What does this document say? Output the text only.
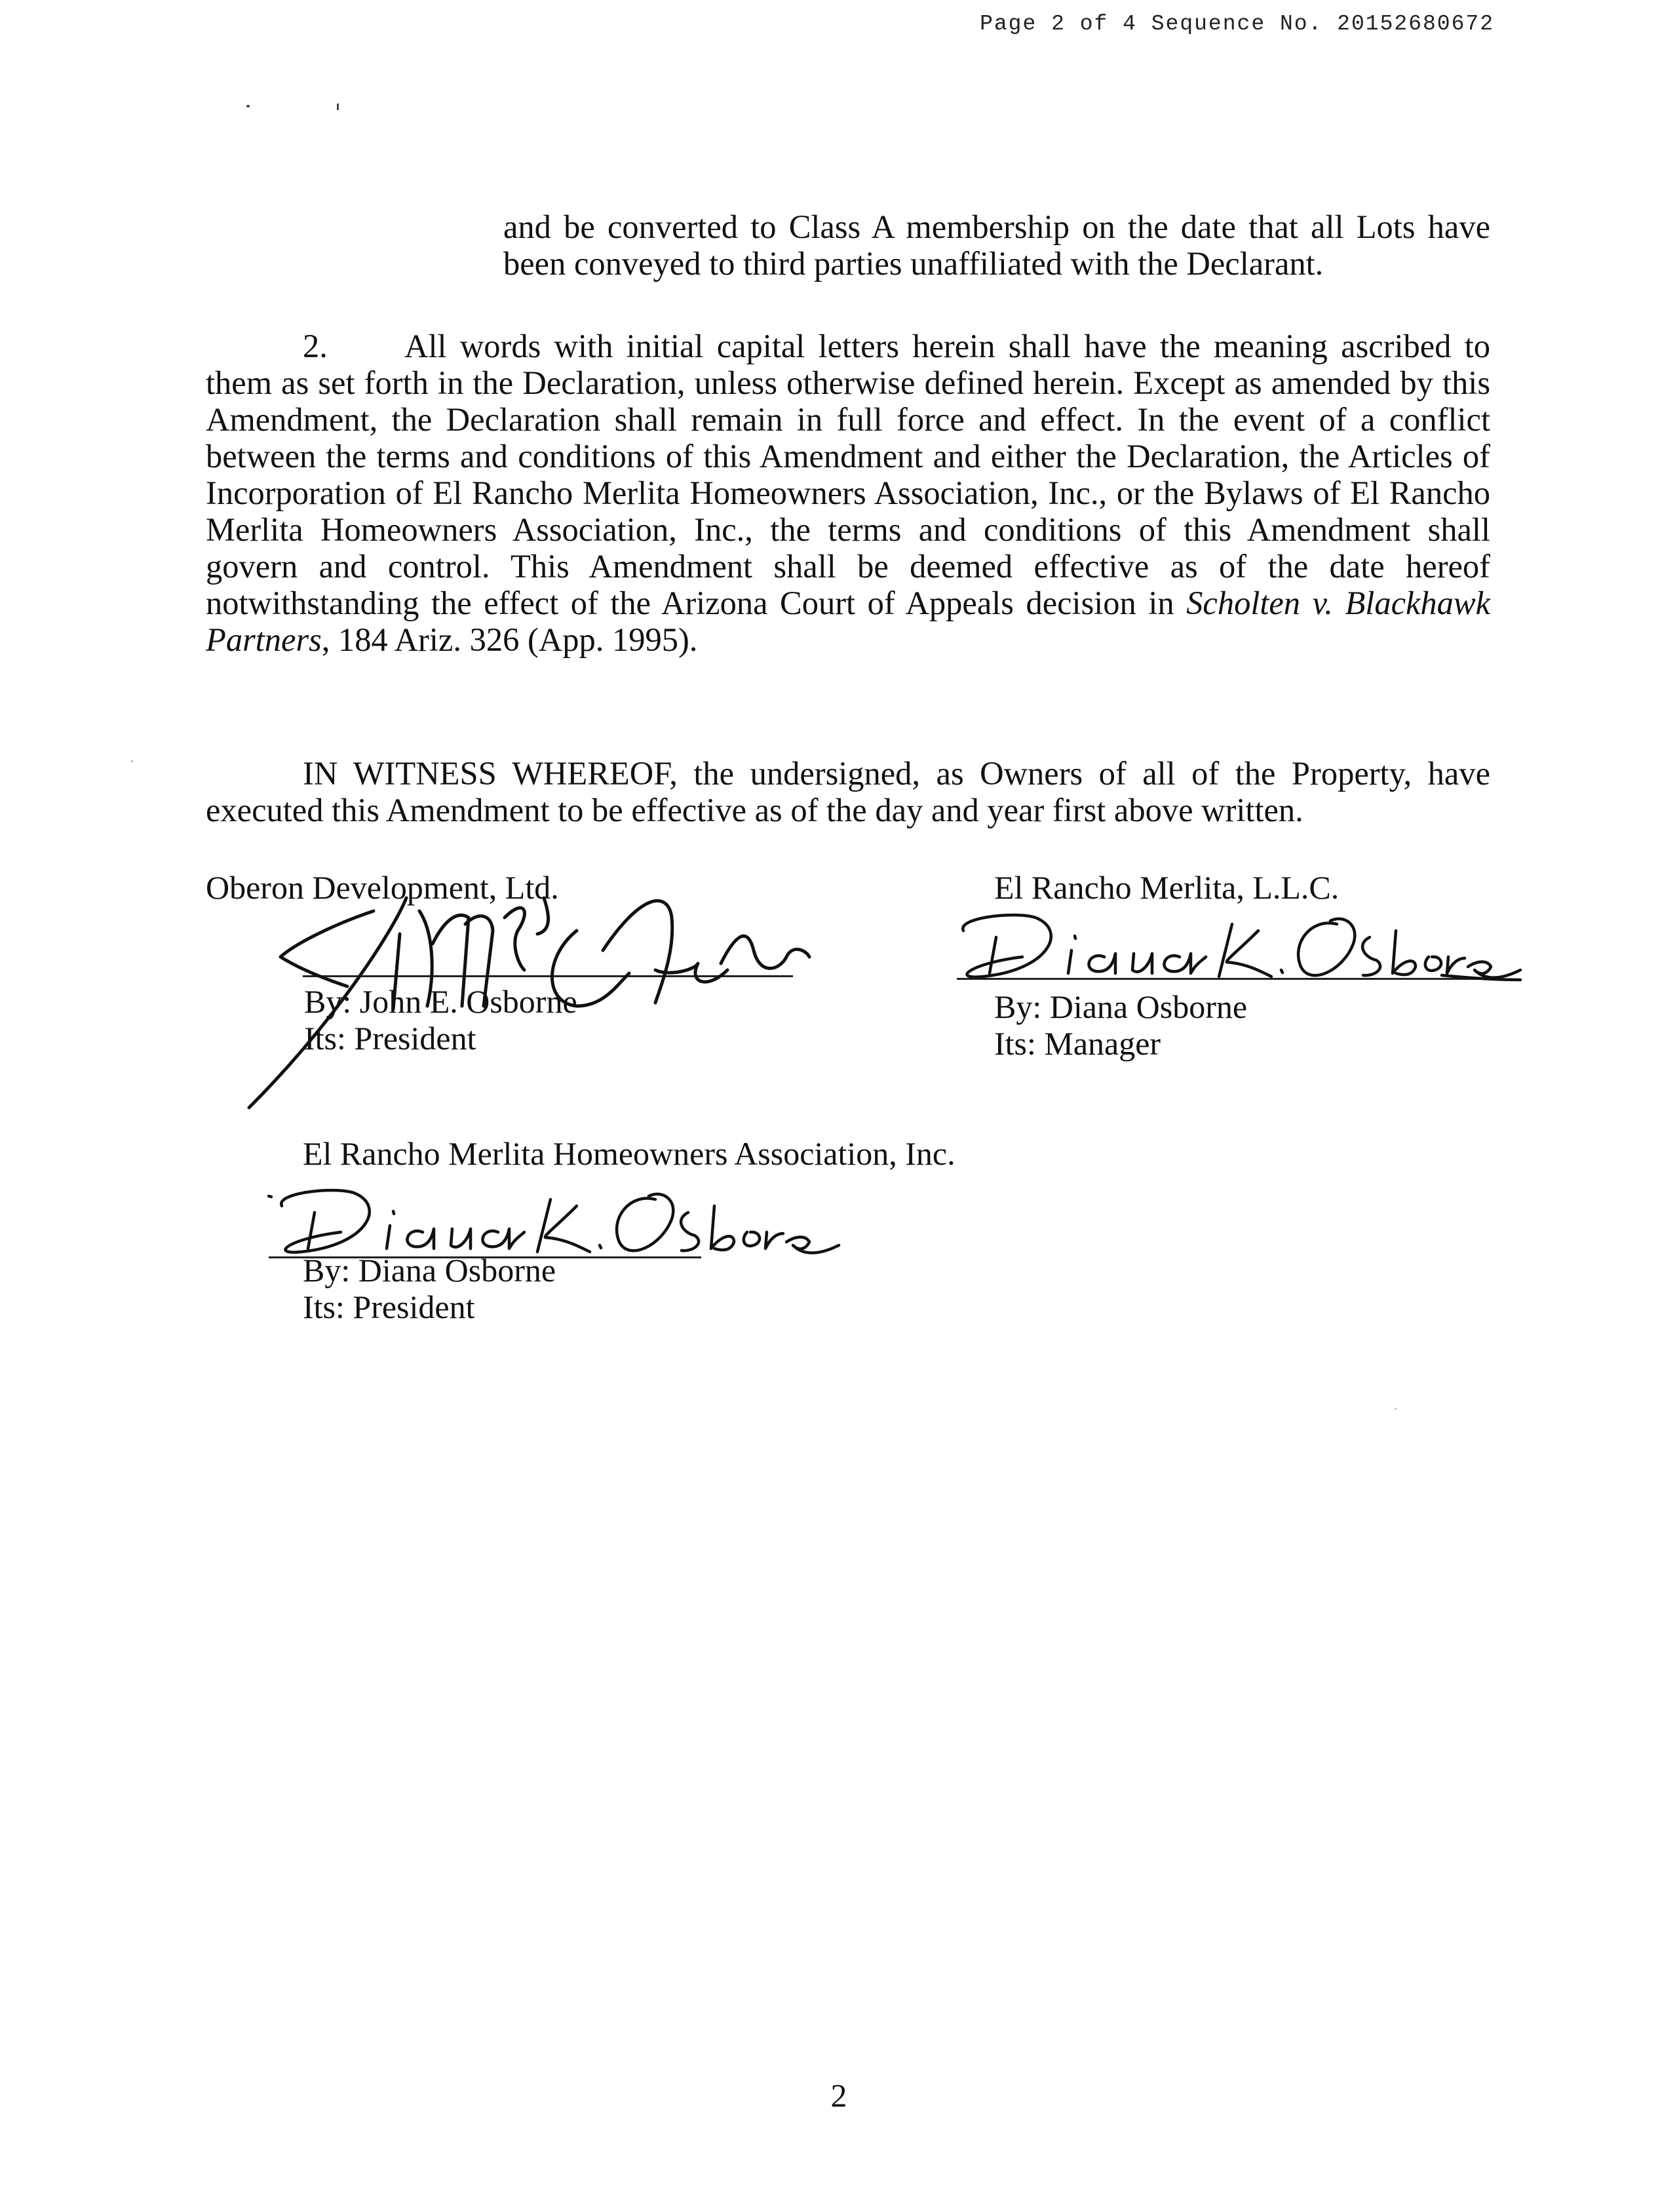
Page 2 of 4 Sequence No. 20152680672
and be converted to Class A membership on the date that all Lots have been conveyed to third parties unaffiliated with the Declarant.
2. All words with initial capital letters herein shall have the meaning ascribed to them as set forth in the Declaration, unless otherwise defined herein. Except as amended by this Amendment, the Declaration shall remain in full force and effect. In the event of a conflict between the terms and conditions of this Amendment and either the Declaration, the Articles of Incorporation of El Rancho Merlita Homeowners Association, Inc., or the Bylaws of El Rancho Merlita Homeowners Association, Inc., the terms and conditions of this Amendment shall govern and control. This Amendment shall be deemed effective as of the date hereof notwithstanding the effect of the Arizona Court of Appeals decision in Scholten v. Blackhawk Partners, 184 Ariz. 326 (App. 1995).
IN WITNESS WHEREOF, the undersigned, as Owners of all of the Property, have executed this Amendment to be effective as of the day and year first above written.
Oberon Development, Ltd.
By: John E. Osborne
Its: President
El Rancho Merlita, L.L.C.
By: Diana Osborne
Its: Manager
El Rancho Merlita Homeowners Association, Inc.
By: Diana Osborne
Its: President
2
